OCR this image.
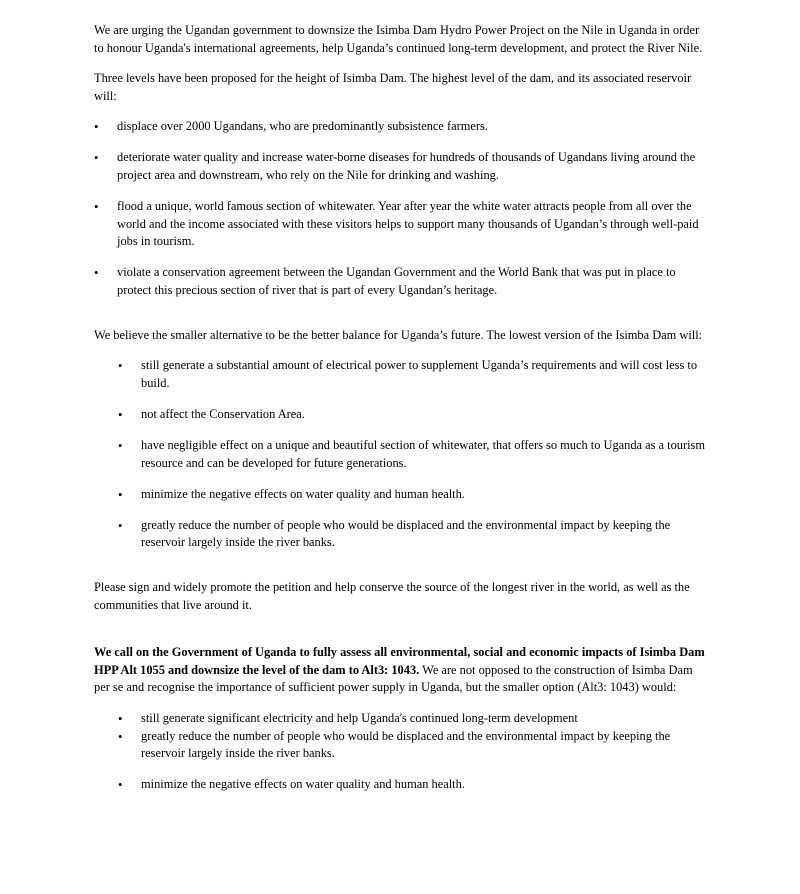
We are urging the Ugandan government to downsize the Isimba Dam Hydro Power Project on the Nile in Uganda in order to honour Uganda's international agreements, help Uganda’s continued long-term development, and protect the River Nile.

Three levels have been proposed for the height of Isimba Dam. The highest level of the dam, and its associated reservoir will:

• displace over 2000 Ugandans, who are predominantly subsistence farmers.
• deteriorate water quality and increase water-borne diseases for hundreds of thousands of Ugandans living around the project area and downstream, who rely on the Nile for drinking and washing.
• flood a unique, world famous section of whitewater. Year after year the white water attracts people from all over the world and the income associated with these visitors helps to support many thousands of Ugandan’s through well-paid jobs in tourism.
• violate a conservation agreement between the Ugandan Government and the World Bank that was put in place to protect this precious section of river that is part of every Ugandan’s heritage.

We believe the smaller alternative to be the better balance for Uganda’s future. The lowest version of the Isimba Dam will:

• still generate a substantial amount of electrical power to supplement Uganda’s requirements and will cost less to build.
• not affect the Conservation Area.
• have negligible effect on a unique and beautiful section of whitewater, that offers so much to Uganda as a tourism resource and can be developed for future generations.
• minimize the negative effects on water quality and human health.
• greatly reduce the number of people who would be displaced and the environmental impact by keeping the reservoir largely inside the river banks.

Please sign and widely promote the petition and help conserve the source of the longest river in the world, as well as the communities that live around it.

We call on the Government of Uganda to fully assess all environmental, social and economic impacts of Isimba Dam HPP Alt 1055 and downsize the level of the dam to Alt3: 1043. We are not opposed to the construction of Isimba Dam per se and recognise the importance of sufficient power supply in Uganda, but the smaller option (Alt3: 1043) would:

• still generate significant electricity and help Uganda's continued long-term development
• greatly reduce the number of people who would be displaced and the environmental impact by keeping the reservoir largely inside the river banks.
• minimize the negative effects on water quality and human health.
